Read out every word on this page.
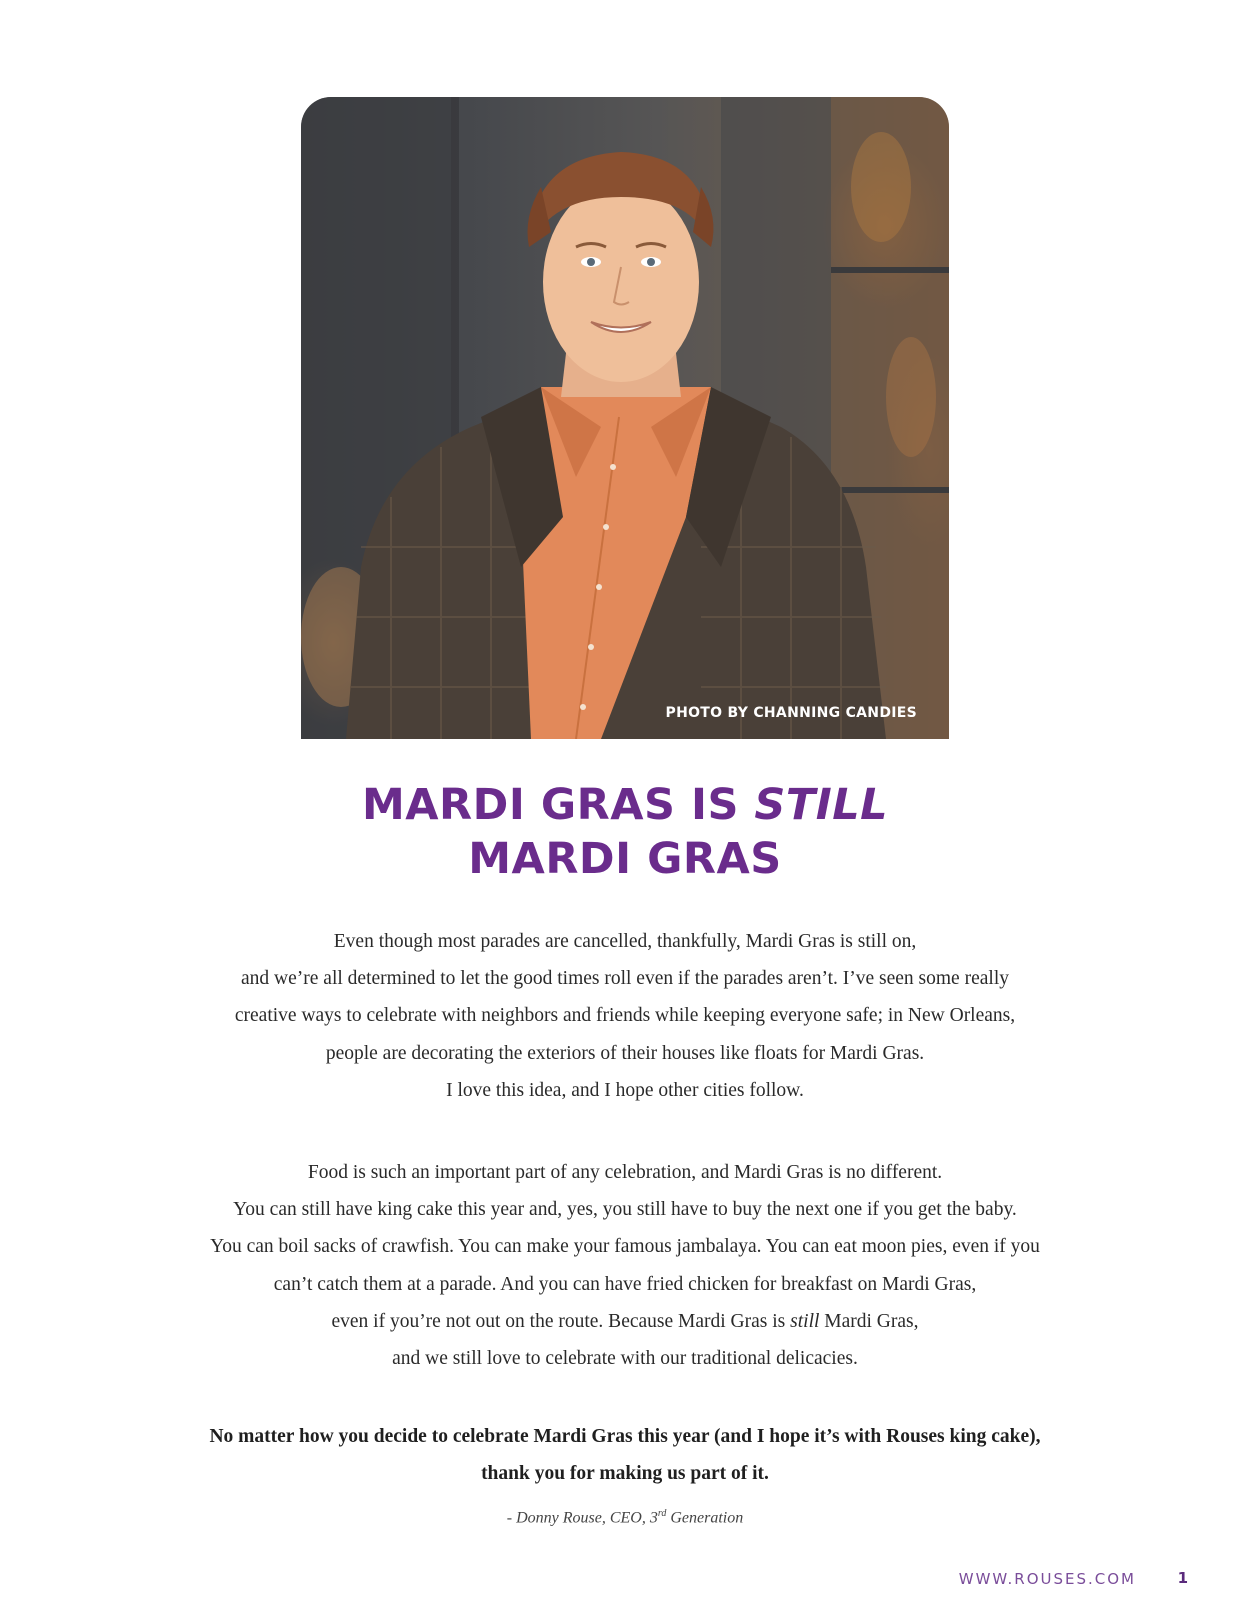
PHOTO BY CHANNING CANDIES
MARDI GRAS IS STILL
MARDI GRAS
Even though most parades are cancelled, thankfully, Mardi Gras is still on,
and we’re all determined to let the good times roll even if the parades aren’t. I’ve seen some really
creative ways to celebrate with neighbors and friends while keeping everyone safe; in New Orleans,
people are decorating the exteriors of their houses like floats for Mardi Gras.
I love this idea, and I hope other cities follow.
Food is such an important part of any celebration, and Mardi Gras is no different.
You can still have king cake this year and, yes, you still have to buy the next one if you get the baby.
You can boil sacks of crawfish. You can make your famous jambalaya. You can eat moon pies, even if you
can’t catch them at a parade. And you can have fried chicken for breakfast on Mardi Gras,
even if you’re not out on the route. Because Mardi Gras is still Mardi Gras,
and we still love to celebrate with our traditional delicacies.
No matter how you decide to celebrate Mardi Gras this year (and I hope it’s with Rouses king cake),
thank you for making us part of it.
- Donny Rouse, CEO, 3rd Generation
WWW.ROUSES.COM	1
